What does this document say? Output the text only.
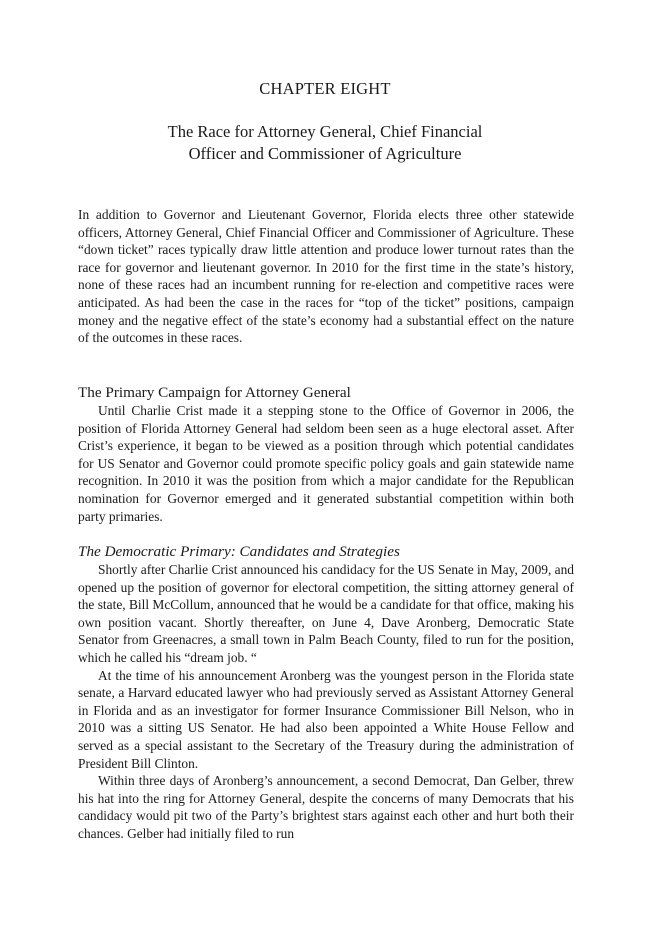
CHAPTER EIGHT
The Race for Attorney General, Chief Financial
Officer and Commissioner of Agriculture

In addition to Governor and Lieutenant Governor, Florida elects three other statewide officers, Attorney General, Chief Financial Officer and Commissioner of Agriculture. These “down ticket” races typically draw little attention and produce lower turnout rates than the race for governor and lieutenant governor. In 2010 for the first time in the state’s history, none of these races had an incumbent running for re-election and competitive races were anticipated. As had been the case in the races for “top of the ticket” positions, campaign money and the negative effect of the state’s economy had a substantial effect on the nature of the outcomes in these races.

The Primary Campaign for Attorney General

Until Charlie Crist made it a stepping stone to the Office of Governor in 2006, the position of Florida Attorney General had seldom been seen as a huge electoral asset. After Crist’s experience, it began to be viewed as a position through which potential candidates for US Senator and Governor could promote specific policy goals and gain statewide name recognition. In 2010 it was the position from which a major candidate for the Republican nomination for Governor emerged and it generated substantial competition within both party primaries.

The Democratic Primary: Candidates and Strategies

Shortly after Charlie Crist announced his candidacy for the US Senate in May, 2009, and opened up the position of governor for electoral competition, the sitting attorney general of the state, Bill McCollum, announced that he would be a candidate for that office, making his own position vacant. Shortly thereafter, on June 4, Dave Aronberg, Democratic State Senator from Greenacres, a small town in Palm Beach County, filed to run for the position, which he called his “dream job. “

At the time of his announcement Aronberg was the youngest person in the Florida state senate, a Harvard educated lawyer who had previously served as Assistant Attorney General in Florida and as an investigator for former Insurance Commissioner Bill Nelson, who in 2010 was a sitting US Senator. He had also been appointed a White House Fellow and served as a special assistant to the Secretary of the Treasury during the administration of President Bill Clinton.

Within three days of Aronberg’s announcement, a second Democrat, Dan Gelber, threw his hat into the ring for Attorney General, despite the concerns of many Democrats that his candidacy would pit two of the Party’s brightest stars against each other and hurt both their chances. Gelber had initially filed to run
